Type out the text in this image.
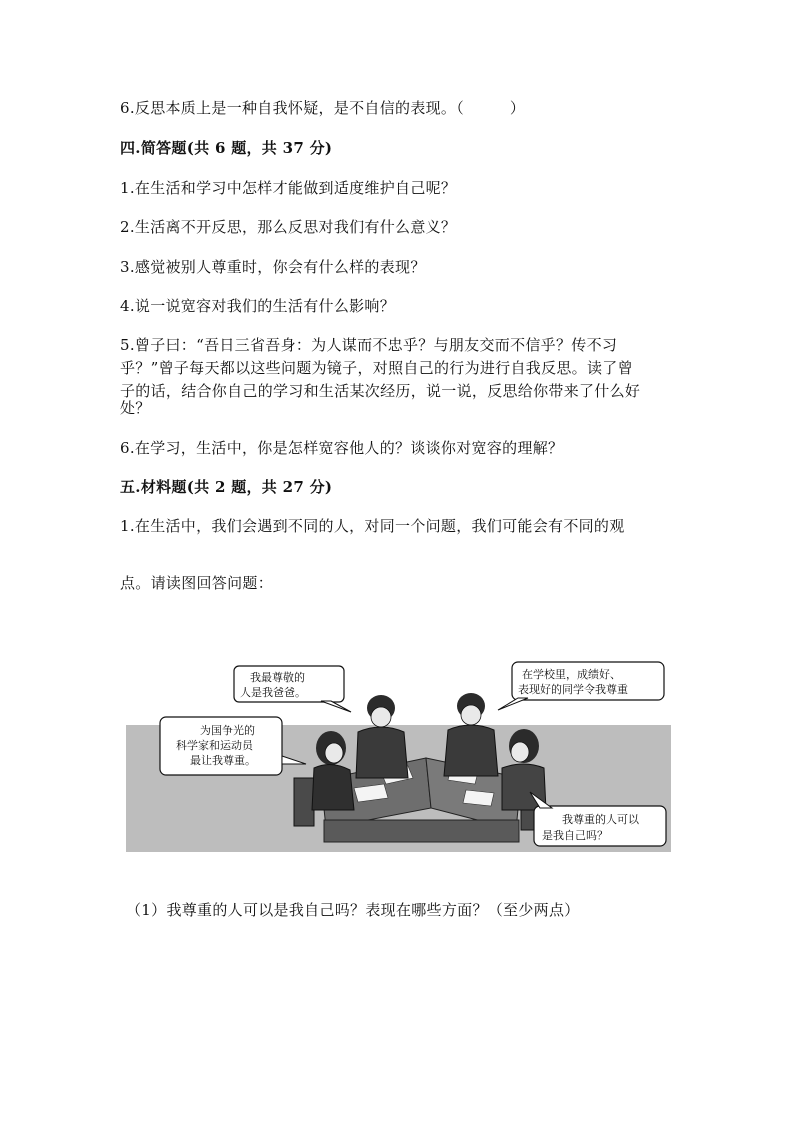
6.反思本质上是一种自我怀疑，是不自信的表现。（　　　）
四.简答题(共 6 题，共 37 分)
1.在生活和学习中怎样才能做到适度维护自己呢？
2.生活离不开反思，那么反思对我们有什么意义？
3.感觉被别人尊重时，你会有什么样的表现？
4.说一说宽容对我们的生活有什么影响？
5.曾子曰：“吾日三省吾身：为人谋而不忠乎？与朋友交而不信乎？传不习
乎？”曾子每天都以这些问题为镜子，对照自己的行为进行自我反思。读了曾
子的话，结合你自己的学习和生活某次经历，说一说，反思给你带来了什么好
处？
6.在学习，生活中，你是怎样宽容他人的？谈谈你对宽容的理解？
五.材料题(共 2 题，共 27 分)
1.在生活中，我们会遇到不同的人，对同一个问题，我们可能会有不同的观
点。请读图回答问题：
我最尊敬的
人是我爸爸。
为国争光的
科学家和运动员
最让我尊重。
在学校里，成绩好、
表现好的同学令我尊重
我尊重的人可以
是我自己吗？
（1）我尊重的人可以是我自己吗？表现在哪些方面？（至少两点）
